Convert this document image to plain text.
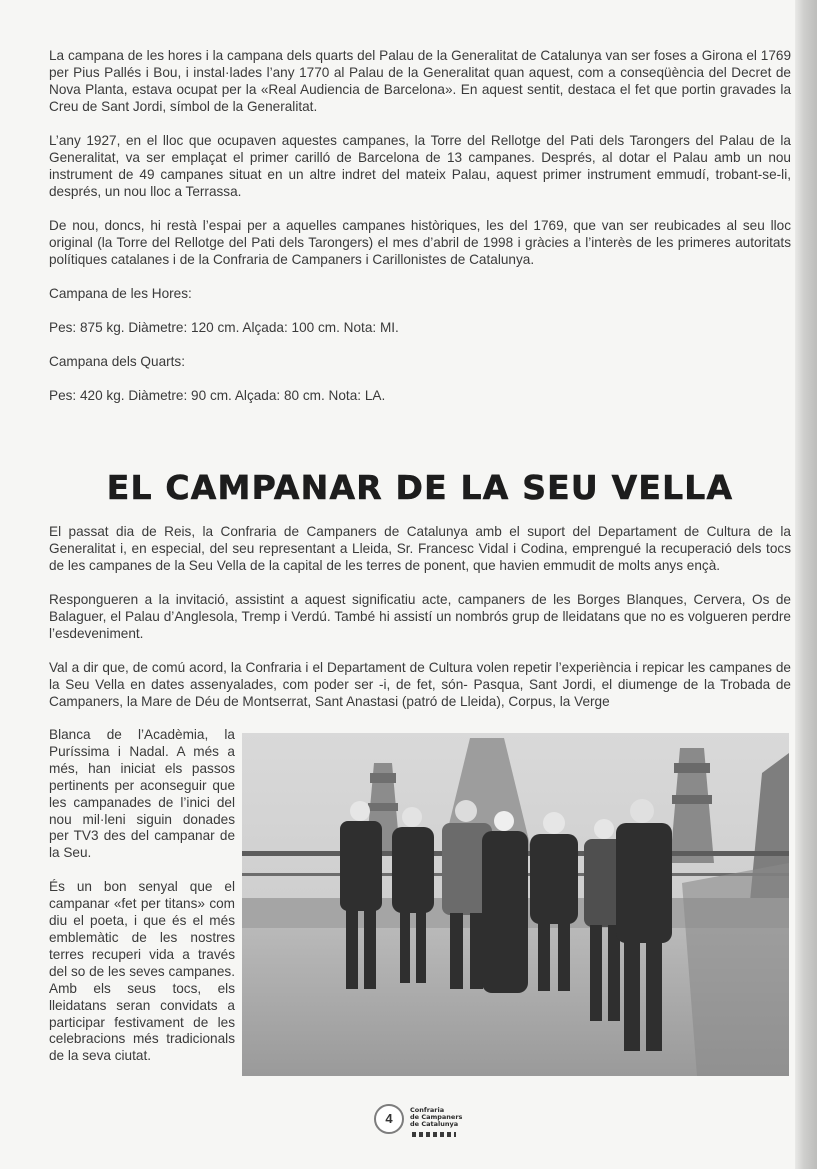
La campana de les hores i la campana dels quarts del Palau de la Generalitat de Catalunya van ser foses a Girona el 1769 per Pius Pallés i Bou, i instal·lades l’any 1770 al Palau de la Generalitat quan aquest, com a conseqüència del Decret de Nova Planta, estava ocupat per la «Real Audiencia de Barcelona». En aquest sentit, destaca el fet que portin gravades la Creu de Sant Jordi, símbol de la Generalitat.

L’any 1927, en el lloc que ocupaven aquestes campanes, la Torre del Rellotge del Pati dels Tarongers del Palau de la Generalitat, va ser emplaçat el primer carilló de Barcelona de 13 campanes. Després, al dotar el Palau amb un nou instrument de 49 campanes situat en un altre indret del mateix Palau, aquest primer instrument emmudí, trobant-se-li, després, un nou lloc a Terrassa.

De nou, doncs, hi restà l’espai per a aquelles campanes històriques, les del 1769, que van ser reubicades al seu lloc original (la Torre del Rellotge del Pati dels Tarongers) el mes d’abril de 1998 i gràcies a l’interès de les primeres autoritats polítiques catalanes i de la Confraria de Campaners i Carillonistes de Catalunya.

Campana de les Hores:

Pes: 875 kg. Diàmetre: 120 cm. Alçada: 100 cm. Nota: MI.

Campana dels Quarts:

Pes: 420 kg. Diàmetre: 90 cm. Alçada: 80 cm. Nota: LA.

EL CAMPANAR DE LA SEU VELLA

El passat dia de Reis, la Confraria de Campaners de Catalunya amb el suport del Departament de Cultura de la Generalitat i, en especial, del seu representant a Lleida, Sr. Francesc Vidal i Codina, emprengué la recuperació dels tocs de les campanes de la Seu Vella de la capital de les terres de ponent, que havien emmudit de molts anys ençà.

Respongueren a la invitació, assistint a aquest significatiu acte, campaners de les Borges Blanques, Cervera, Os de Balaguer, el Palau d’Anglesola, Tremp i Verdú. També hi assistí un nombrós grup de lleidatans que no es volgueren perdre l’esdeveniment.

Val a dir que, de comú acord, la Confraria i el Departament de Cultura volen repetir l’experiència i repicar les campanes de la Seu Vella en dates assenyalades, com poder ser -i, de fet, són- Pasqua, Sant Jordi, el diumenge de la Trobada de Campaners, la Mare de Déu de Montserrat, Sant Anastasi (patró de Lleida), Corpus, la Verge

Blanca de l’Acadèmia, la Puríssima i Nadal. A més a més, han iniciat els passos pertinents per aconseguir que les campanades de l’inici del nou mil·leni siguin donades per TV3 des del campanar de la Seu.

És un bon senyal que el campanar «fet per titans» com diu el poeta, i que és el més emblemàtic de les nostres terres recuperi vida a través del so de les seves campanes. Amb els seus tocs, els lleidatans seran convidats a participar festivament de les celebracions més tradicionals de la seva ciutat.

4
Confraria
de Campaners
de Catalunya
